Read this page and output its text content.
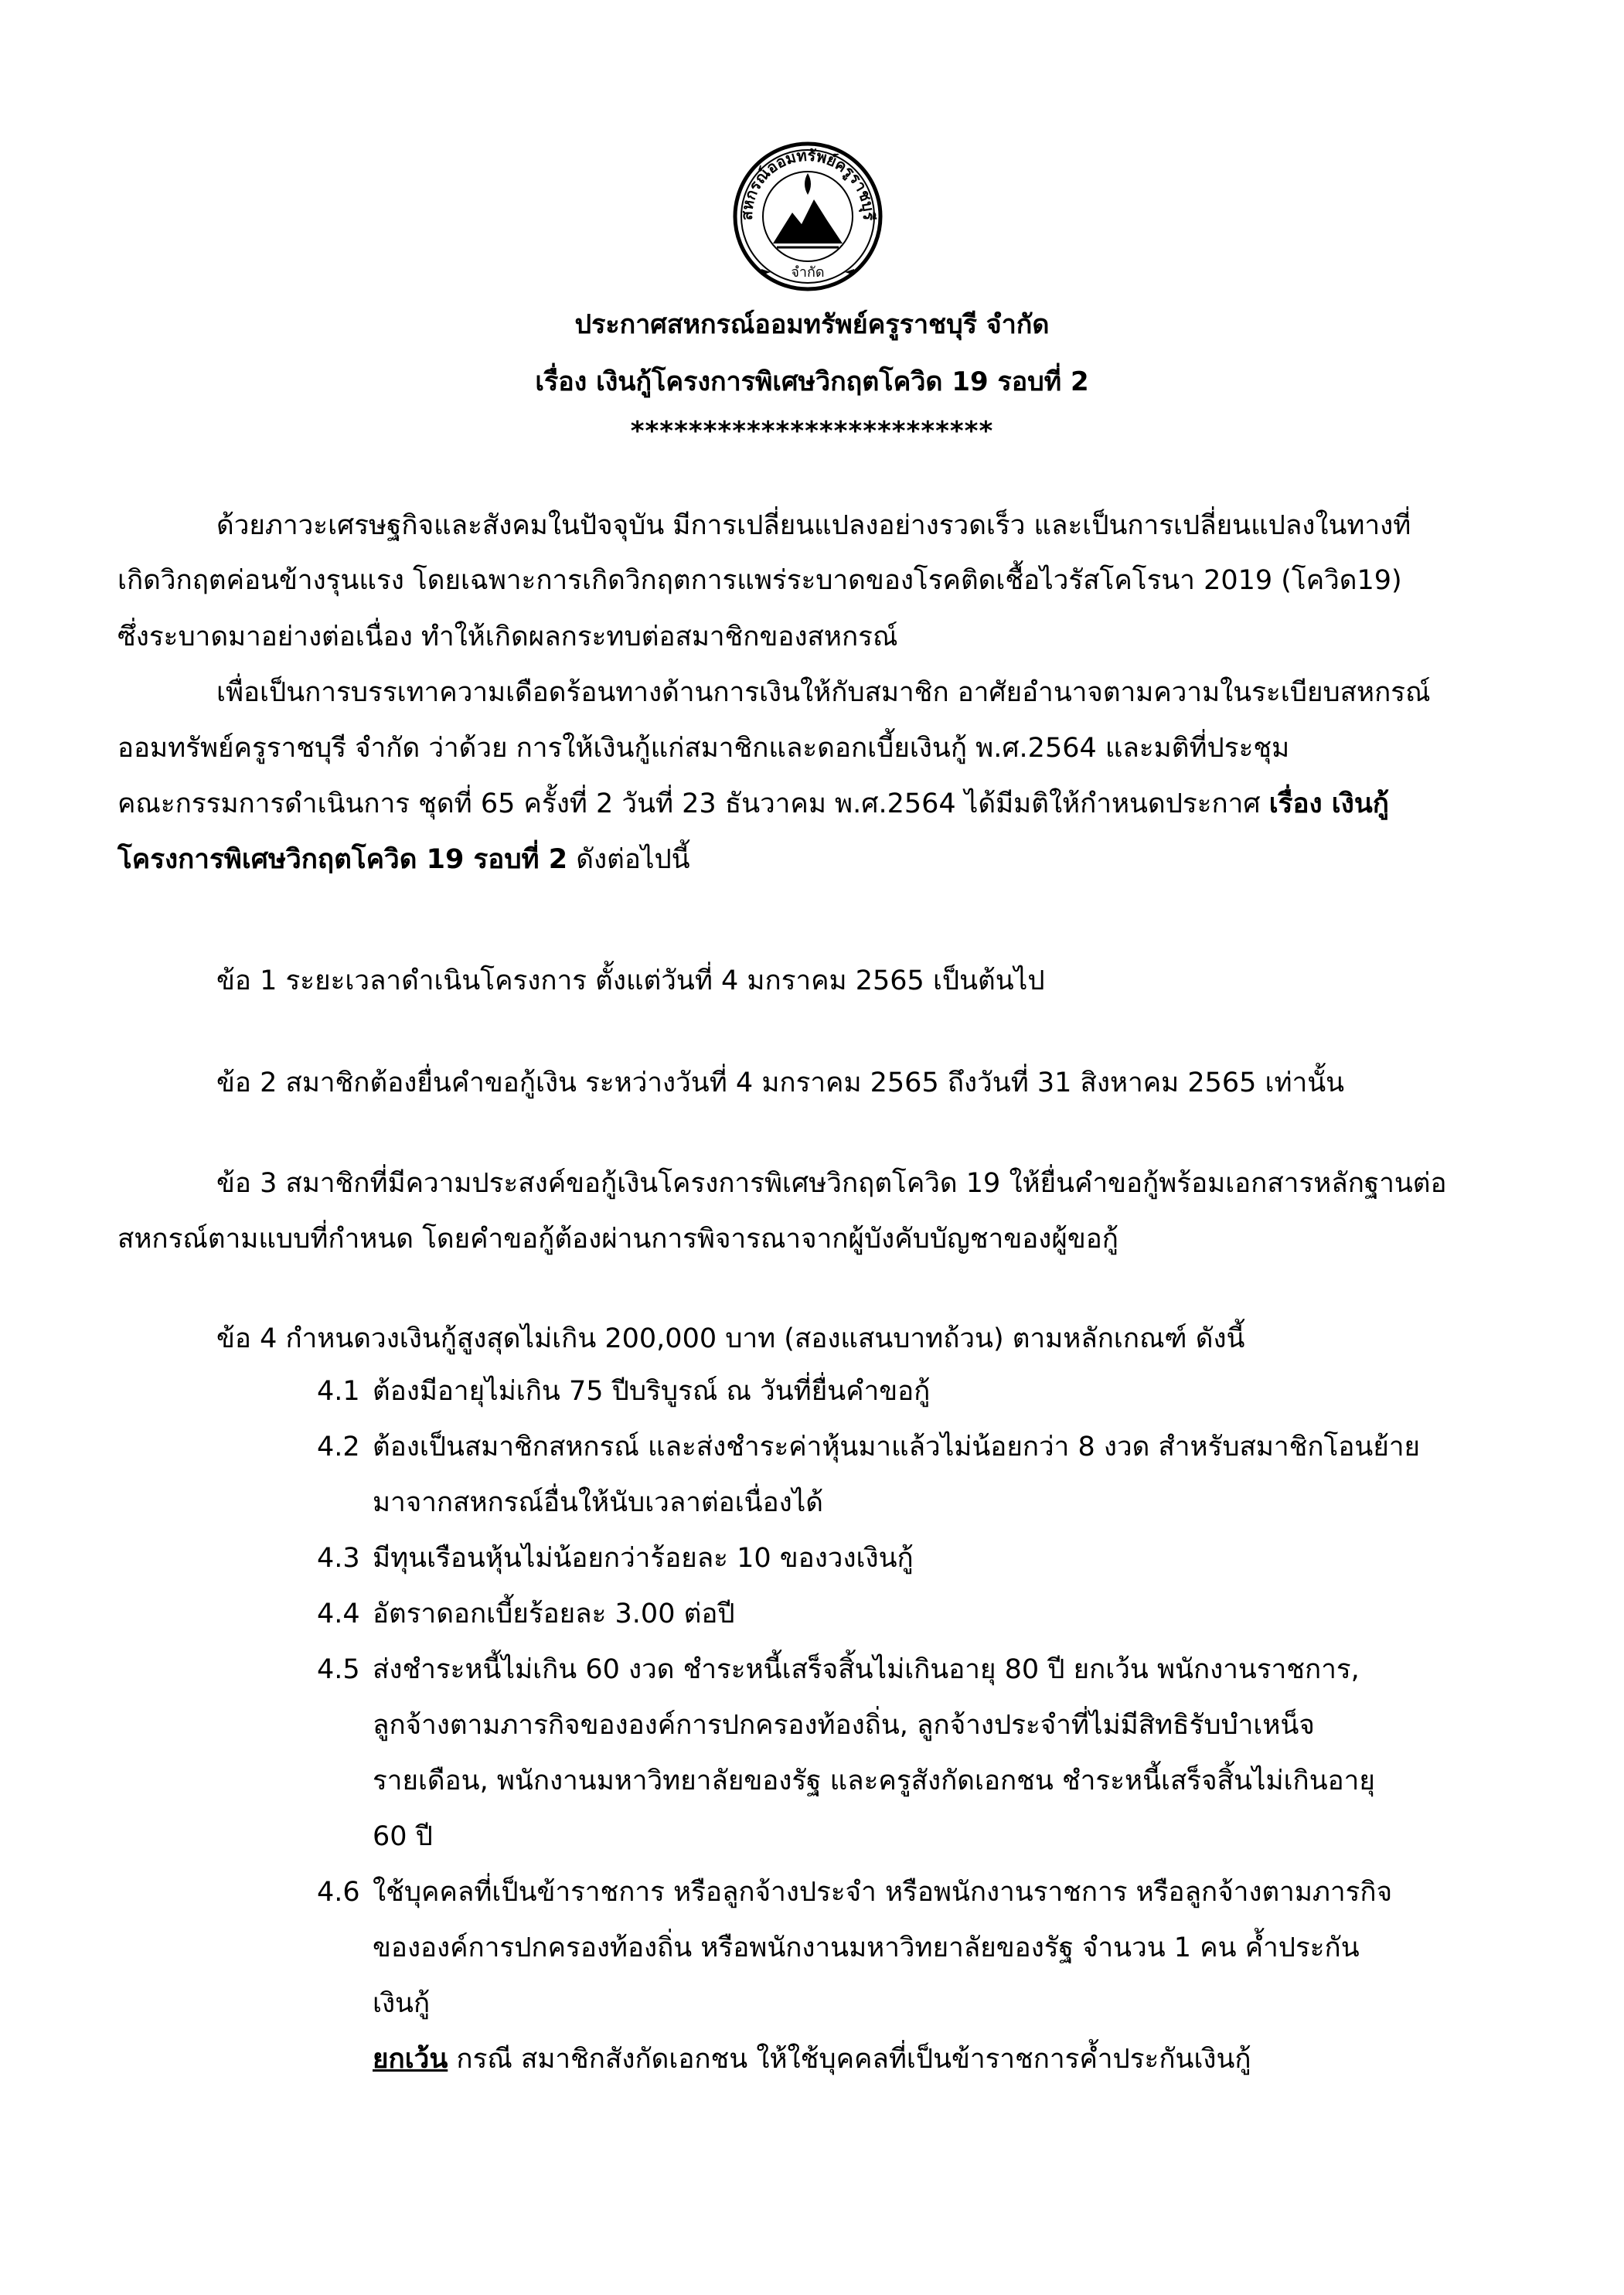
สหกรณ์ออมทรัพย์ครูราชบุรี
จำกัด
ประกาศสหกรณ์ออมทรัพย์ครูราชบุรี จำกัด
เรื่อง เงินกู้โครงการพิเศษวิกฤตโควิด 19 รอบที่ 2
*************************
ด้วยภาวะเศรษฐกิจและสังคมในปัจจุบัน มีการเปลี่ยนแปลงอย่างรวดเร็ว และเป็นการเปลี่ยนแปลงในทางที่
เกิดวิกฤตค่อนข้างรุนแรง โดยเฉพาะการเกิดวิกฤตการแพร่ระบาดของโรคติดเชื้อไวรัสโคโรนา 2019 (โควิด19)
ซึ่งระบาดมาอย่างต่อเนื่อง ทำให้เกิดผลกระทบต่อสมาชิกของสหกรณ์
เพื่อเป็นการบรรเทาความเดือดร้อนทางด้านการเงินให้กับสมาชิก อาศัยอำนาจตามความในระเบียบสหกรณ์
ออมทรัพย์ครูราชบุรี จำกัด ว่าด้วย การให้เงินกู้แก่สมาชิกและดอกเบี้ยเงินกู้ พ.ศ.2564 และมติที่ประชุม
คณะกรรมการดำเนินการ ชุดที่ 65 ครั้งที่ 2 วันที่ 23 ธันวาคม พ.ศ.2564 ได้มีมติให้กำหนดประกาศ เรื่อง เงินกู้
โครงการพิเศษวิกฤตโควิด 19 รอบที่ 2 ดังต่อไปนี้
ข้อ 1 ระยะเวลาดำเนินโครงการ ตั้งแต่วันที่ 4 มกราคม 2565 เป็นต้นไป
ข้อ 2 สมาชิกต้องยื่นคำขอกู้เงิน ระหว่างวันที่ 4 มกราคม 2565 ถึงวันที่ 31 สิงหาคม 2565 เท่านั้น
ข้อ 3 สมาชิกที่มีความประสงค์ขอกู้เงินโครงการพิเศษวิกฤตโควิด 19 ให้ยื่นคำขอกู้พร้อมเอกสารหลักฐานต่อ
สหกรณ์ตามแบบที่กำหนด โดยคำขอกู้ต้องผ่านการพิจารณาจากผู้บังคับบัญชาของผู้ขอกู้
ข้อ 4 กำหนดวงเงินกู้สูงสุดไม่เกิน 200,000 บาท (สองแสนบาทถ้วน) ตามหลักเกณฑ์ ดังนี้
4.1 ต้องมีอายุไม่เกิน 75 ปีบริบูรณ์ ณ วันที่ยื่นคำขอกู้
4.2 ต้องเป็นสมาชิกสหกรณ์ และส่งชำระค่าหุ้นมาแล้วไม่น้อยกว่า 8 งวด สำหรับสมาชิกโอนย้าย
มาจากสหกรณ์อื่นให้นับเวลาต่อเนื่องได้
4.3 มีทุนเรือนหุ้นไม่น้อยกว่าร้อยละ 10 ของวงเงินกู้
4.4 อัตราดอกเบี้ยร้อยละ 3.00 ต่อปี
4.5 ส่งชำระหนี้ไม่เกิน 60 งวด ชำระหนี้เสร็จสิ้นไม่เกินอายุ 80 ปี ยกเว้น พนักงานราชการ,
ลูกจ้างตามภารกิจขององค์การปกครองท้องถิ่น, ลูกจ้างประจำที่ไม่มีสิทธิรับบำเหน็จ
รายเดือน, พนักงานมหาวิทยาลัยของรัฐ และครูสังกัดเอกชน ชำระหนี้เสร็จสิ้นไม่เกินอายุ
60 ปี
4.6 ใช้บุคคลที่เป็นข้าราชการ หรือลูกจ้างประจำ หรือพนักงานราชการ หรือลูกจ้างตามภารกิจ
ขององค์การปกครองท้องถิ่น หรือพนักงานมหาวิทยาลัยของรัฐ จำนวน 1 คน ค้ำประกัน
เงินกู้
ยกเว้น กรณี สมาชิกสังกัดเอกชน ให้ใช้บุคคลที่เป็นข้าราชการค้ำประกันเงินกู้
